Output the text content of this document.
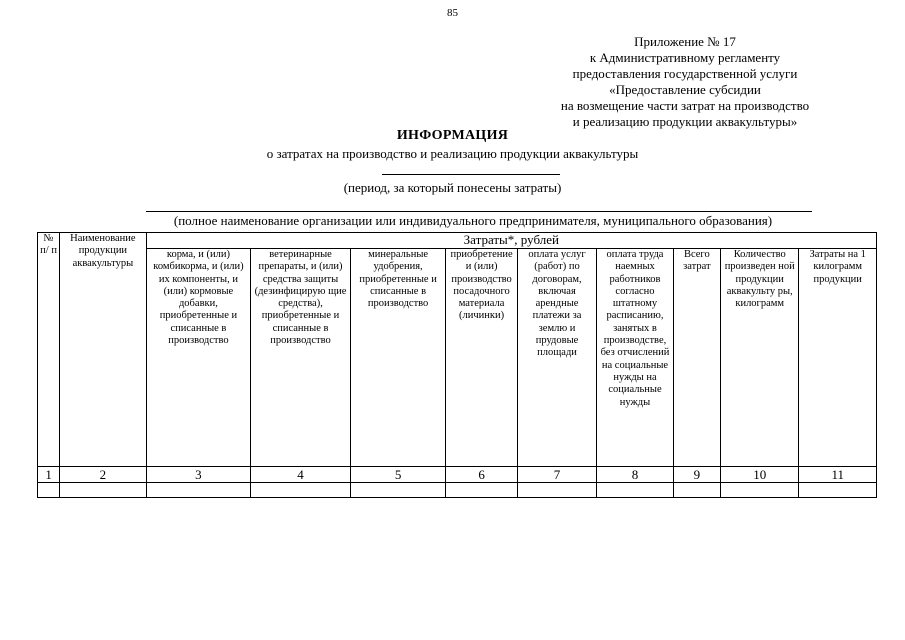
85
Приложение № 17
к Административному регламенту
предоставления государственной услуги
«Предоставление субсидии
на возмещение части затрат на производство
и реализацию продукции аквакультуры»
ИНФОРМАЦИЯ
о затратах на производство и реализацию продукции аквакультуры
(период, за который понесены затраты)
(полное наименование организации или индивидуального предпринимателя, муниципального образования)
№ п/ п	Наименование продукции аквакультуры	Затраты*, рублей								
		корма, и (или) комбикорма, и (или) их компоненты, и (или) кормовые добавки, приобретенные и списанные в производство	ветеринарные препараты, и (или) средства защиты (дезинфицирую щие средства), приобретенные и списанные в производство	минеральные удобрения, приобретенные и списанные в производство	приобретение и (или) производство посадочного материала (личинки)	оплата услуг (работ) по договорам, включая арендные платежи за землю и прудовые площади	оплата труда наемных работников согласно штатному расписанию, занятых в производстве, без отчислений на социальные нужды на социальные нужды	Всего затрат	Количество произведен ной продукции аквакульту ры, килограмм	Затраты на 1 килограмм продукции
1	2	3	4	5	6	7	8	9	10	11
